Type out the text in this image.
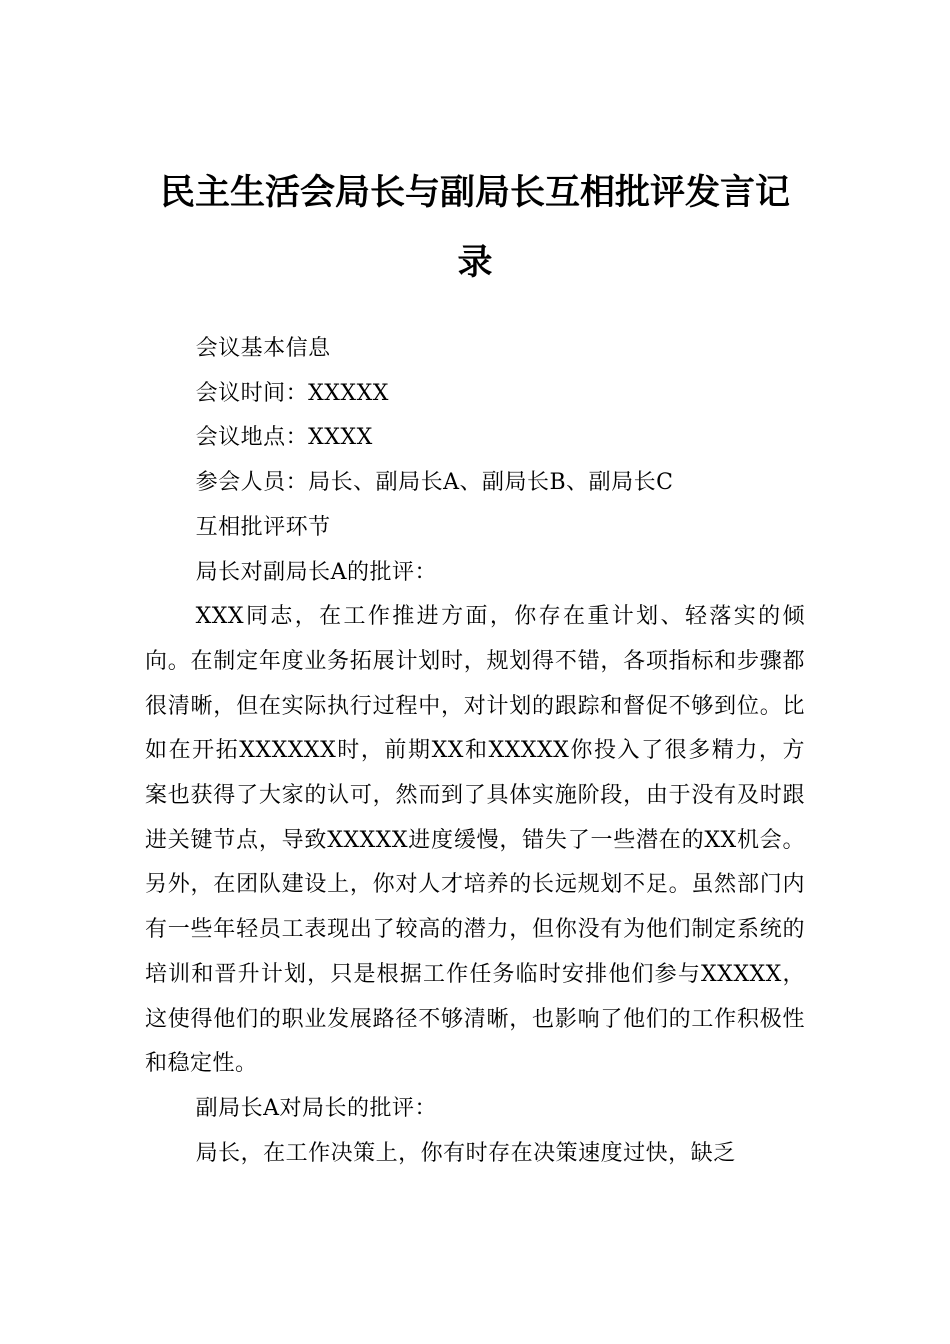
民主生活会局长与副局长互相批评发言记录

会议基本信息

会议时间：XXXXX

会议地点：XXXX

参会人员：局长、副局长A、副局长B、副局长C

互相批评环节

局长对副局长A的批评：

XXX同志，在工作推进方面，你存在重计划、轻落实的倾向。在制定年度业务拓展计划时，规划得不错，各项指标和步骤都很清晰，但在实际执行过程中，对计划的跟踪和督促不够到位。比如在开拓XXXXXX时，前期XX和XXXXX你投入了很多精力，方案也获得了大家的认可，然而到了具体实施阶段，由于没有及时跟进关键节点，导致XXXXX进度缓慢，错失了一些潜在的XX机会。另外，在团队建设上，你对人才培养的长远规划不足。虽然部门内有一些年轻员工表现出了较高的潜力，但你没有为他们制定系统的培训和晋升计划，只是根据工作任务临时安排他们参与XXXXX，这使得他们的职业发展路径不够清晰，也影响了他们的工作积极性和稳定性。

副局长A对局长的批评：

局长，在工作决策上，你有时存在决策速度过快，缺乏
